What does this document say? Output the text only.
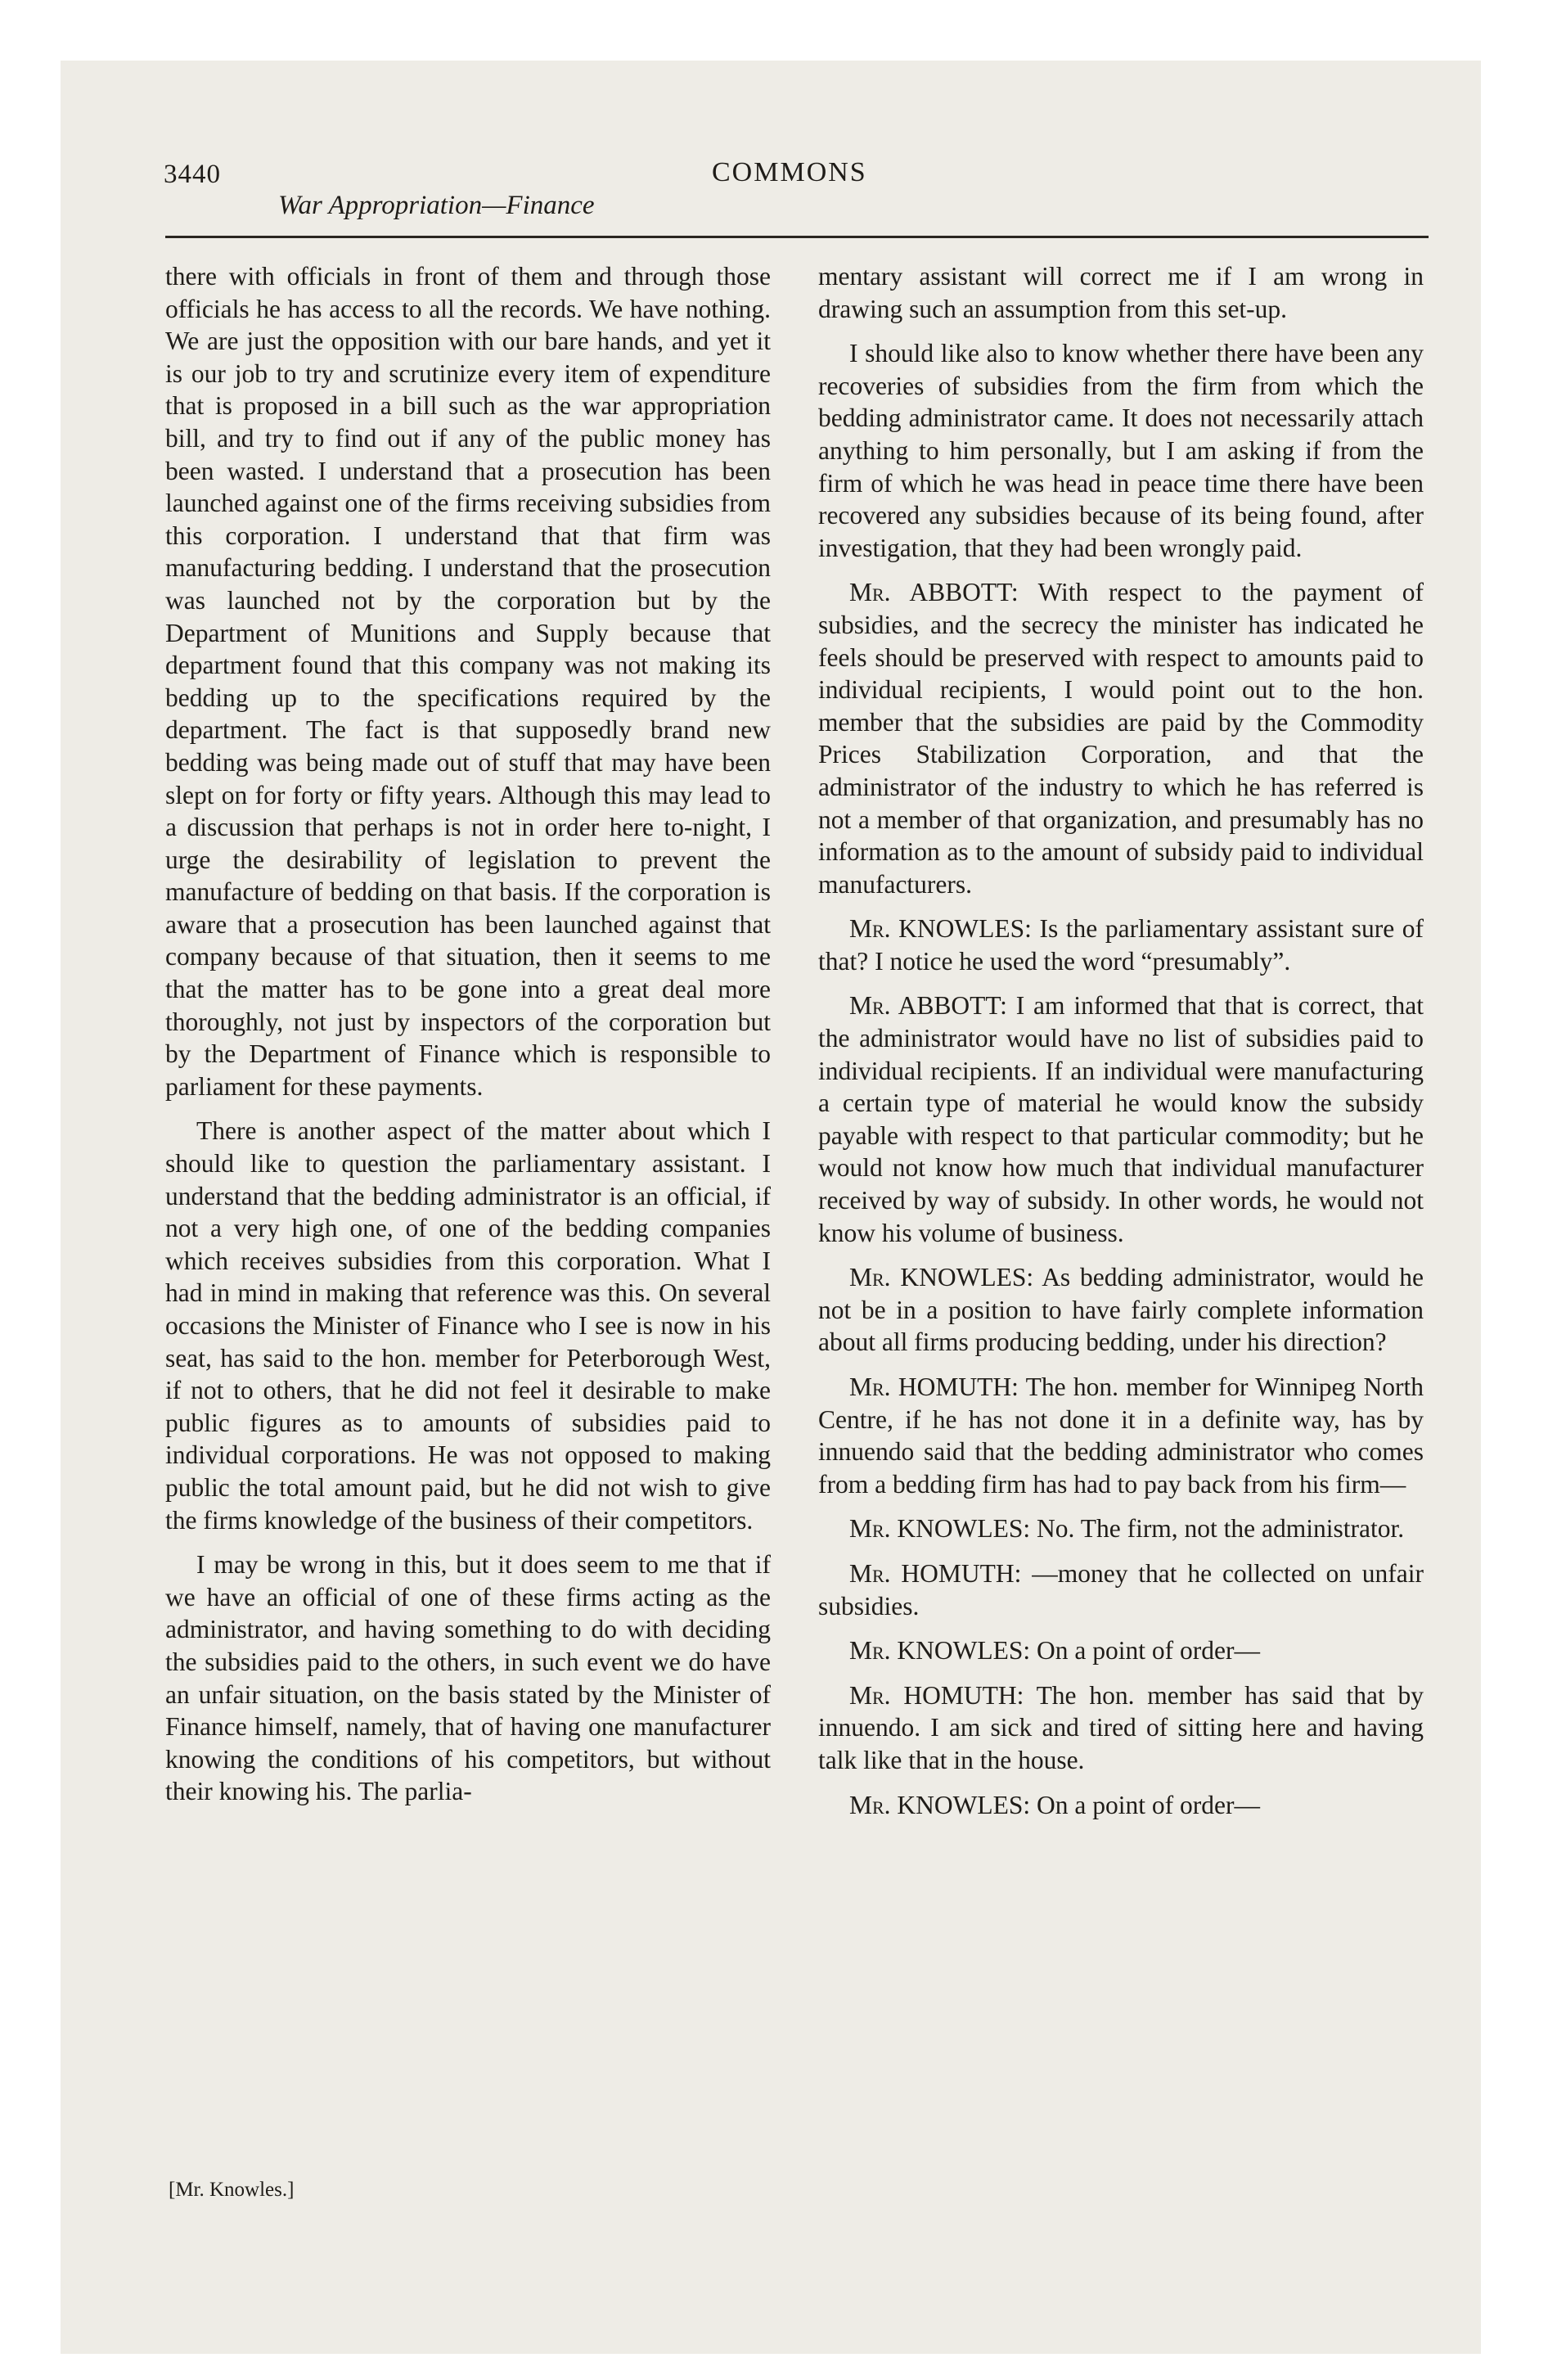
3440	COMMONS
War Appropriation—Finance

there with officials in front of them and through those officials he has access to all the records. We have nothing. We are just the opposition with our bare hands, and yet it is our job to try and scrutinize every item of expenditure that is proposed in a bill such as the war appropriation bill, and try to find out if any of the public money has been wasted. I understand that a prosecution has been launched against one of the firms receiving subsidies from this corporation. I understand that that firm was manufacturing bedding. I understand that the prosecution was launched not by the corporation but by the Department of Munitions and Supply because that department found that this company was not making its bedding up to the specifications required by the department. The fact is that supposedly brand new bedding was being made out of stuff that may have been slept on for forty or fifty years. Although this may lead to a discussion that perhaps is not in order here to-night, I urge the desirability of legislation to prevent the manufacture of bedding on that basis. If the corporation is aware that a prosecution has been launched against that company because of that situation, then it seems to me that the matter has to be gone into a great deal more thoroughly, not just by inspectors of the corporation but by the Department of Finance which is responsible to parliament for these payments.

There is another aspect of the matter about which I should like to question the parliamentary assistant. I understand that the bedding administrator is an official, if not a very high one, of one of the bedding companies which receives subsidies from this corporation. What I had in mind in making that reference was this. On several occasions the Minister of Finance who I see is now in his seat, has said to the hon. member for Peterborough West, if not to others, that he did not feel it desirable to make public figures as to amounts of subsidies paid to individual corporations. He was not opposed to making public the total amount paid, but he did not wish to give the firms knowledge of the business of their competitors.

I may be wrong in this, but it does seem to me that if we have an official of one of these firms acting as the administrator, and having something to do with deciding the subsidies paid to the others, in such event we do have an unfair situation, on the basis stated by the Minister of Finance himself, namely, that of having one manufacturer knowing the conditions of his competitors, but without their knowing his. The parlia-

mentary assistant will correct me if I am wrong in drawing such an assumption from this set-up.

I should like also to know whether there have been any recoveries of subsidies from the firm from which the bedding administrator came. It does not necessarily attach anything to him personally, but I am asking if from the firm of which he was head in peace time there have been recovered any subsidies because of its being found, after investigation, that they had been wrongly paid.

Mr. ABBOTT: With respect to the payment of subsidies, and the secrecy the minister has indicated he feels should be preserved with respect to amounts paid to individual recipients, I would point out to the hon. member that the subsidies are paid by the Commodity Prices Stabilization Corporation, and that the administrator of the industry to which he has referred is not a member of that organization, and presumably has no information as to the amount of subsidy paid to individual manufacturers.

Mr. KNOWLES: Is the parliamentary assistant sure of that? I notice he used the word “presumably”.

Mr. ABBOTT: I am informed that that is correct, that the administrator would have no list of subsidies paid to individual recipients. If an individual were manufacturing a certain type of material he would know the subsidy payable with respect to that particular commodity; but he would not know how much that individual manufacturer received by way of subsidy. In other words, he would not know his volume of business.

Mr. KNOWLES: As bedding administrator, would he not be in a position to have fairly complete information about all firms producing bedding, under his direction?

Mr. HOMUTH: The hon. member for Winnipeg North Centre, if he has not done it in a definite way, has by innuendo said that the bedding administrator who comes from a bedding firm has had to pay back from his firm—

Mr. KNOWLES: No. The firm, not the administrator.

Mr. HOMUTH: —money that he collected on unfair subsidies.

Mr. KNOWLES: On a point of order—

Mr. HOMUTH: The hon. member has said that by innuendo. I am sick and tired of sitting here and having talk like that in the house.

Mr. KNOWLES: On a point of order—

[Mr. Knowles.]
